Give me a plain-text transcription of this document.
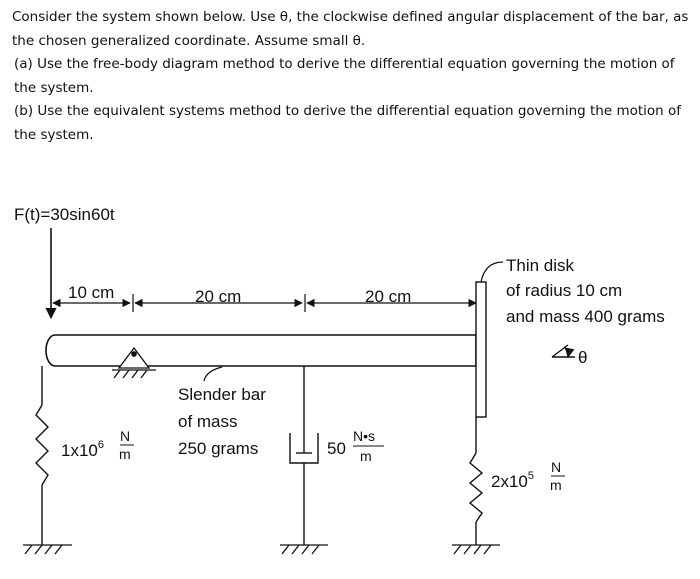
Consider the system shown below. Use θ, the clockwise defined angular displacement of the bar, as the chosen generalized coordinate. Assume small θ.

(a) Use the free-body diagram method to derive the differential equation governing the motion of the system.

(b) Use the equivalent systems method to derive the differential equation governing the motion of the system.

F(t)=30sin60t
10 cm	20 cm	20 cm
Thin disk
of radius 10 cm
and mass 400 grams
θ
Slender bar
of mass
250 grams
$1x10^6$
N
m	50
N•s
m
$2x10^5$
N
m
